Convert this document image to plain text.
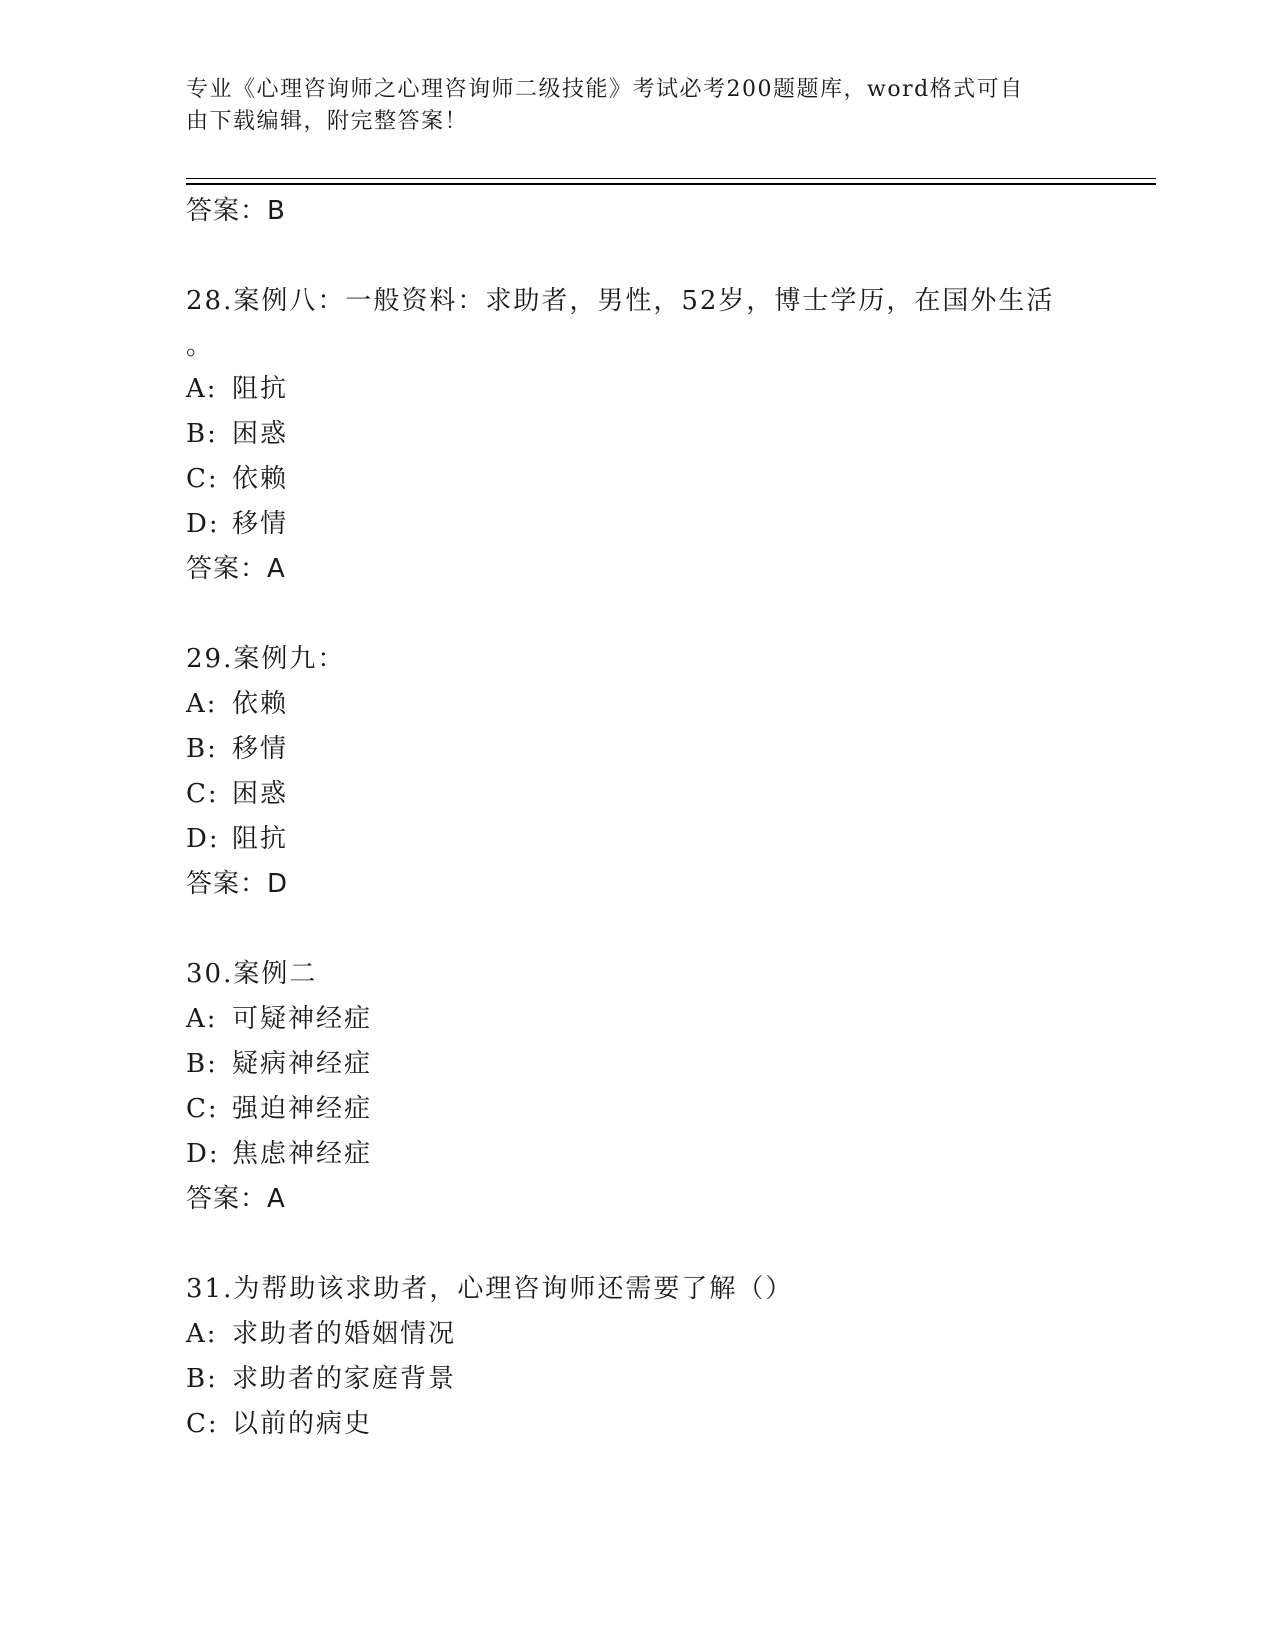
专业《心理咨询师之心理咨询师二级技能》考试必考200题题库，word格式可自
由下载编辑，附完整答案！
答案：B
28.案例八：一般资料：求助者，男性，52岁，博士学历，在国外生活
。
A: 阻抗
B: 困惑
C: 依赖
D: 移情
答案：A
29.案例九：
A: 依赖
B: 移情
C: 困惑
D: 阻抗
答案：D
30.案例二
A: 可疑神经症
B: 疑病神经症
C: 强迫神经症
D: 焦虑神经症
答案：A
31.为帮助该求助者，心理咨询师还需要了解（）
A: 求助者的婚姻情况
B: 求助者的家庭背景
C: 以前的病史
